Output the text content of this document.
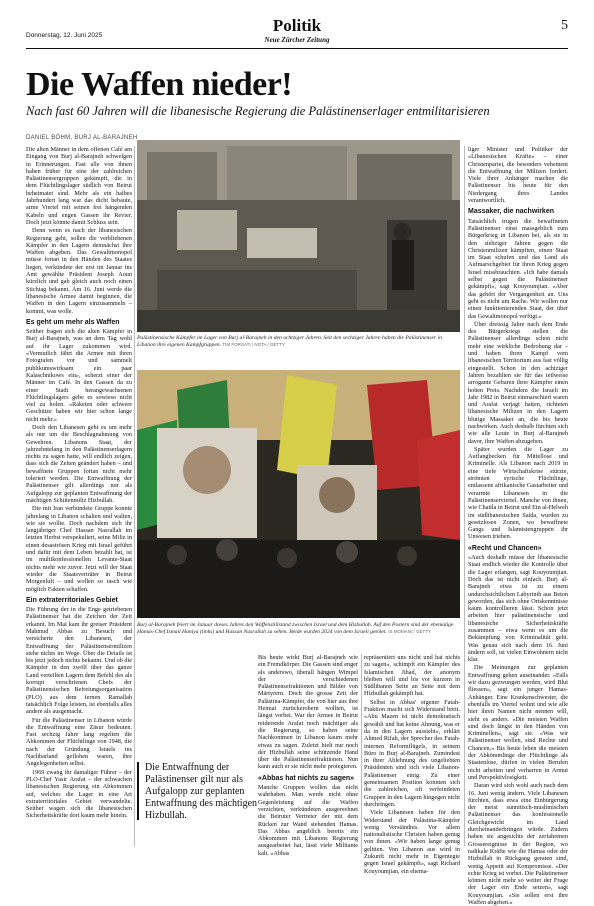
Donnerstag, 12. Juni 2025
Politik
Neue Zürcher Zeitung
5
Die Waffen nieder!
Nach fast 60 Jahren will die libanesische Regierung die Palästinenserlager entmilitarisieren
DANIEL BÖHM, BURJ AL-BARAJNEH

Die alten Männer in dem offenen Café am Eingang von Burj al-Barajneh schwelgen in Erinnerungen. Fast alle von ihnen haben früher für eine der zahlreichen Palästinensergruppen gekämpft, die in dem Flüchtlingslager südlich von Beirut beheimatet sind. Mehr als ein halbes Jahrhundert lang war das dicht bebaute, arme Viertel mit seinen frei hängenden Kabeln und engen Gassen ihr Revier. Doch jetzt könnte damit Schluss sein.

Denn wenn es nach der libanesischen Regierung geht, sollen die verbliebenen Kämpfer in den Lagern demnächst ihre Waffen abgeben. Das Gewaltmonopol müsse fortan in den Händen des Staates liegen, verkündete der erst im Januar ins Amt gewählte Präsident Joseph Aoun kürzlich und gab gleich auch noch einen Stichtag bekannt. Am 16. Juni werde die libanesische Armee damit beginnen, die Waffen in den Lagern einzusammeln – kommt, was wolle.

Es geht um mehr als Waffen

Seither fragen sich die alten Kämpfer in Burj al-Barajneh, was an dem Tag wohl auf ihr Lager zukommen wird. «Vermutlich fährt die Armee mit ihren Fotografen vor und sammelt publikumswirksam ein paar Kalaschnikows ein», scherzt einer der Männer im Café. In den Gassen da zu einer Stadt herangewachsenen Flüchtlingslagers gebe es sowieso nicht viel zu holen. «Raketen oder schwere Geschütze haben wir hier schon lange nicht mehr.»

Doch den Libanesen geht es um mehr als nur um die Beschlagnahmung von Gewehren. Libanons Staat, der jahrzehntelang in den Palästinenserlagern nichts zu sagen hatte, will endlich zeigen, dass sich die Zeiten geändert haben – und bewaffnete Gruppen fortan nicht mehr toleriert werden. Die Entwaffnung der Palästinenser gilt allerdings nur als Aufgalopp zur geplanten Entwaffnung der mächtigen Schiitenmiliz Hizbullah.

Die mit Iran verbündete Gruppe konnte jahrelang in Libanon schalten und walten, wie sie wollte. Doch nachdem sich ihr langjähriger Chef Hassan Nasrallah im letzten Herbst verspekuliert, seine Miliz in einen desaströsen Krieg mit Israel geführt und dafür mit dem Leben bezahlt hat, ist im multikonfessionellen Levante-Staat nichts mehr wie zuvor. Jetzt will der Staat wieder die Staatsverträter in Beirut Morgenluft – und wollen so rasch wie möglich Fakten schaffen.

Ein extraterritoriales Gebiet

Die Führung der in die Enge getriebenen Palästinenser hat die Zeichen der Zeit erkannt. Im Mai kam ihr greiser Präsident Mahmud Abbas zu Besuch und versicherte den Libanesen, der Entwaffnung der Palästinensermilizen stehe nichts im Wege. Über die Details ist bis jetzt jedoch nichts bekannt. Und ob die Kämpfer in den zwölf über das ganze Land verteilten Lagern dem Befehl des als korrupt verschrienen Chefs der Palästinensischen Befreiungsorganisation (PLO) aus dem fernen Ramallah tatsächlich Folge leisten, ist ebenfalls alles andere als ausgemacht.

Für die Palästinenser in Libanon würde die Entwaffnung eine Zäsur bedeuten. Fast sechzig Jahre lang regelten die Abkommen der Flüchtlinge von 1948, die nach der Gründung Israels ins Nachbarland geflohen waren, ihre Angelegenheiten selbst.

1969 zwang ihr damaliger Führer – der PLO-Chef Yasir Arafat – der schwachen libanesischen Regierung ein Abkommen auf, welches die Lager in eine Art extraterritoriales Gebiet verwandelte. Seither wagen sich die libanesischen Sicherheitskräfte dort kaum mehr hinein.

Palästinensische Kämpfer im Lager von Burj al-Barajneh in den achtziger Jahren. Seit den sechziger Jahren haben die Palästinenser in Libanon ihre eigenen Kampfgruppen. TIM FORSATI / NOTA / GETTY
Burj al-Barajneh feiert im Januar dieses Jahres den Waffenstillstand zwischen Israel und dem Hizbullah. Auf den Postern sind der ehemalige Hamas-Chef Ismail Haniya (links) und Hassan Nasrallah zu sehen. Beide wurden 2024 von dem Israeli getötet. IS MOMANI / GETTY
Die Entwaffnung der Palästinenser gilt nur als Aufgalopp zur geplanten Entwaffnung des mächtigen Hizbullah.

Bis heute wirkt Burj al-Barajneh wie ein Fremdkörper. Die Gassen sind enger als anderswo, überall hängen Wimpel der verschiedenen Palästinensefraktionen und Bilder von Märtyrern. Doch die grosse Zeit der Palästina-Kämpfer, die von hier aus ihre Heimat zurückerobern wollten, ist längst vorbei. War der Armee in Beirut reiderende Arafat noch mächtiger als die Regierung, so haben seine Nachkommen in Libanon kaum mehr etwas zu sagen. Zuletzt hielt nur noch der Hizbullah seine schützende Hand über die Palästinenserfraktionen. Nun kann auch er sie nicht mehr protegieren.

«Abbas hat nichts zu sagen»

Manche Gruppen wollen das nicht wahrhaben. Man werde nicht ohne Gegenleistung auf die Waffen verzichten, verkündeten ausgerechnet die Beiruter Vertreter der mit dem Rücken zur Wand stehenden Hamas. Das Abbas angeblich bereits ein Abkommen mit Libanons Regierung ausgearbeitet hat, lässt viele Militante kalt. «Abbas

repräsentiert uns nicht und hat nichts zu sagen», schimpft ein Kämpfer des Islamischen Jihad, der anonym bleiben will und bis vor kurzem in Südlibanon Seite an Seite mit dem Hizbullah gekämpft hat.

Selbst in Abbas' eigener Fatah-Fraktion macht sich Widerstand breit. «Abu Mazen ist nicht demokratisch gewählt und hat keine Ahnung, was er da in den Lagern aussieht», erklärt Ahmed Rifah, der Sprecher des Fatah-internen Reformflügels, in seinem Büro in Burj al-Barajneh. Zumindest in ihrer Ablehnung des ungeliebten Präsidenten sind sich viele Libanon-Palästinenser einig. Zu einer gemeinsamen Position konnten sich die zahlreichen, oft verfeindeten Gruppen in den Lagern hingegen nicht durchringen.

Viele Libanesen haben für den Widerstand der Palästina-Kämpfer wenig Verständnis. Vor allem nationalistische Christen haben genug von ihnen. «Wir haben lange genug gelitten. Von Libanon aus wird in Zukunft nicht mehr in Eigentegie gegen Israel gekämpft», sagt Richard Kouyoumjian, ein ehema-

liger Minister und Politiker der «Libanesischen Kräfte» – einer Christenpartei, die besonders vehement die Entwaffnung der Milizen fordert. Viele ihrer Anhänger machen die Palästinenser bis heute für den Niedergang ihres Landes verantwortlich.

Massaker, die nachwirken

Tatsächlich trugen die bewaffneten Palästinenser einst massgeblich zum Bürgerkrieg in Libanon bei, als sie in den siebziger Jahren gegen die Christenmilizen kämpften, einen Staat im Staat schufen und das Land als Aufmarschgebiet für ihren Krieg gegen Israel missbrauchten. «Ich habe damals selbst gegen die Palästinenser gekämpft», sagt Kouyoumjian. «Aber das gehört der Vergangenheit an. Uns geht es nicht um Rache. Wir wollen nur einen funktionierenden Staat, der über das Gewaltmonopol verfügt.»

Über dreissig Jahre nach dem Ende des Bürgerkriegs stellen die Palästinenser allerdings schon nicht mehr eine wirkliche Bedrohung dar – und haben ihren Kampf vom libanesischen Territorium aus fast völlig eingestellt. Schon in den achtziger Jahren bezahlten sie für das teilweise arrogante Gebaren ihrer Kämpfer einen hohen Preis. Nachdem die Israeli im Jahr 1982 in Beirut einmarschiert waren und Arafat verjagt hatten, richteten libanesische Milizen in den Lagern blutige Massaker an, die bis heute nachwirken. Auch deshalb fürchten sich wie alle Leute in Burj al-Barajneh davor, ihre Waffen abzugeben.

Später wurden die Lager zu Auffangbecken für Mittellose und Kriminelle. Als Libanon nach 2019 in eine tiefe Wirtschaftskrise stürzte, strömten syrische Flüchtlinge, entlassene afrikanische Gastarbeiter und verarmte Libanesen in die Palästinenserviertel. Manche von ihnen, wie Chatila in Beirut und Ein al-Helweh im südlibanesischen Saida, wurden zu gesetzlosen Zonen, wo bewaffnete Gangs und Islamistengruppen ihr Unwesen trieben.

«Recht und Chancen»

«Auch deshalb müsse der libanesische Staat endlich wieder die Kontrolle über die Lager erlangen, sagt Kouyoumjian. Doch das ist nicht einfach. Burj al-Barajneh etwa ist zu einem undurchsichtlichen Labyrinth aus Beton geworden, das sich ohne Ortskenntnisse kaum kontrollieren lässt. Schon jetzt arbeiten hier palästinensische und libanesische Sicherheitskräfte zusammen – etwa wenn es um die Bekämpfung von Kriminalität geht. Was genau sich nach dem 16. Juni ändern soll, ist vielen Einwohnern nicht klar.

Die Meinungen zur geplanten Entwaffnung gehen auseinander. «Falls wir dazu gezwungen werden, wird Blut fliessen», sagt ein junger Hamas-Anhänger. Eine Krankenschwester, die ebenfalls im Viertel wohnt und wie alle hier ihren Namen nicht nennen will, sieht es anders. «Die meisten Waffen sind doch längst in den Händen von Kriminellen», sagt sie. «Was wir Palästinenser wollen, sind Rechte und Chancen.» Bis heute leben die meisten der Abkömmlinge der Flüchtlinge als Staatenlose, dürfen in vielen Berufen nicht arbeiten und verharren in Armut und Perspektivlosigkeit.

Daran wird sich wohl auch nach dem 16. Juni wenig ändern. Viele Libanesen fürchten, dass etwa eine Einbürgerung der meist sunnitisch-muslimischen Palästinenser das konfessionelle Gleichgewicht im Land durcheinanderbringen würde. Zudem haben sie angesichts der zerfahrenen Grossereignisse in der Region, wo radikale Kräfte wie die Hamas oder der Hizbullah in Rückgang geraten sind, wenig Appetit auf Kompromisse. «Der echte Krieg ist vorbei. Die Palästinenser können nicht mehr so weiter der Frage der Lager ein Ende setzen», sagt Kouyoumjian. «Sie sollen erst ihre Waffen abgeben.»
